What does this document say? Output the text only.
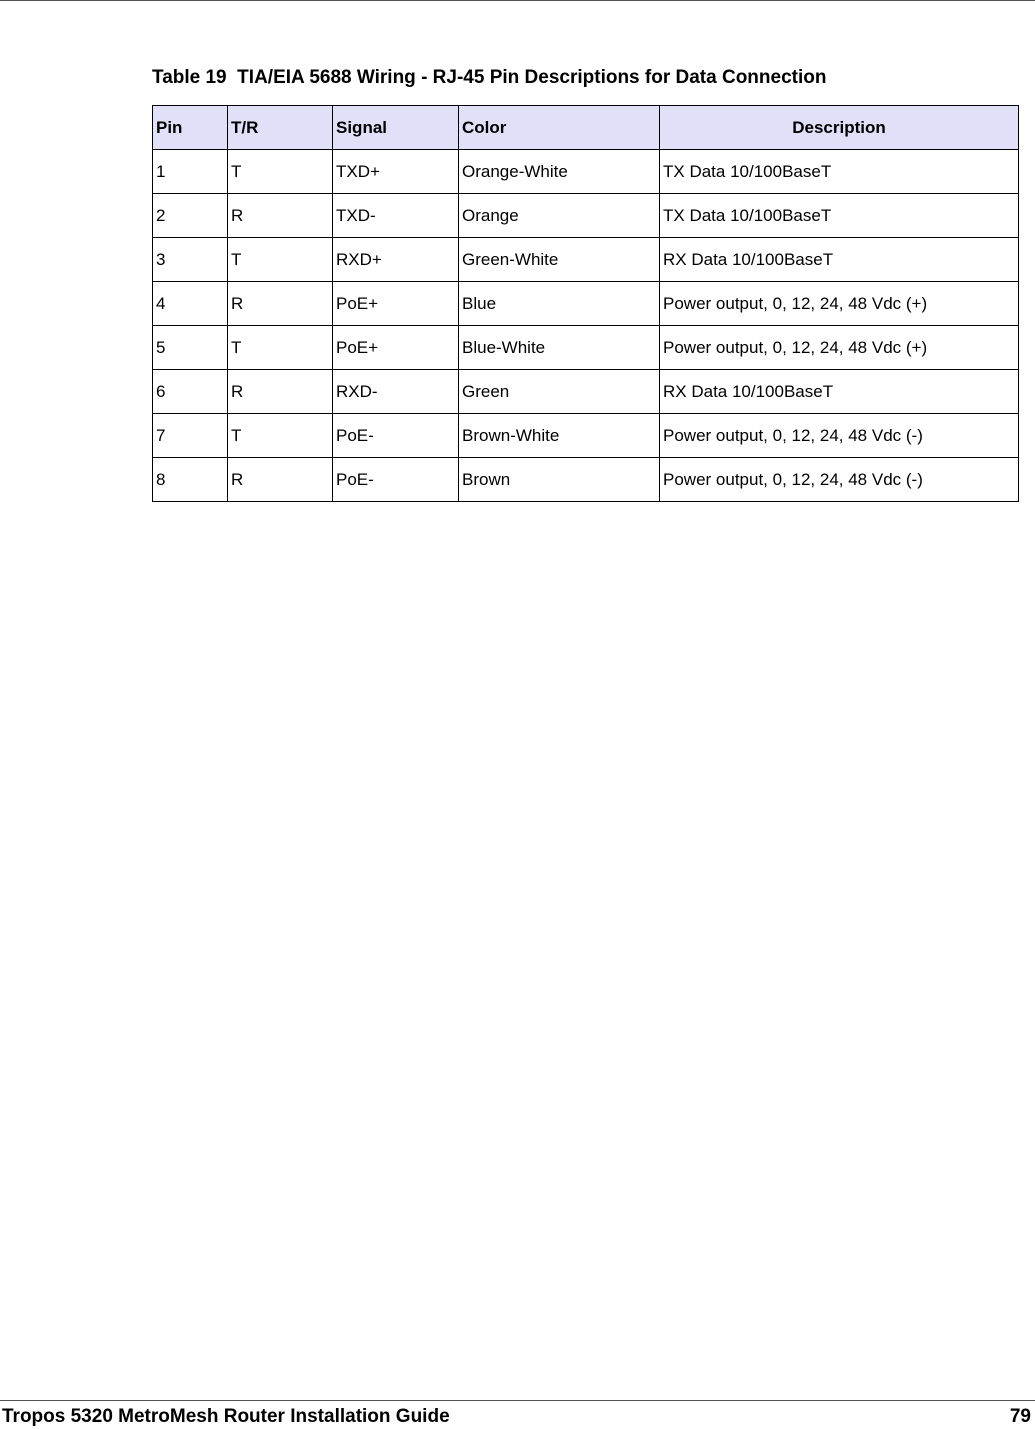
Table 19  TIA/EIA 5688 Wiring - RJ-45 Pin Descriptions for Data Connection
Pin	T/R	Signal	Color	Description
1	T	TXD+	Orange-White	TX Data 10/100BaseT
2	R	TXD-	Orange	TX Data 10/100BaseT
3	T	RXD+	Green-White	RX Data 10/100BaseT
4	R	PoE+	Blue	Power output, 0, 12, 24, 48 Vdc (+)
5	T	PoE+	Blue-White	Power output, 0, 12, 24, 48 Vdc (+)
6	R	RXD-	Green	RX Data 10/100BaseT
7	T	PoE-	Brown-White	Power output, 0, 12, 24, 48 Vdc (-)
8	R	PoE-	Brown	Power output, 0, 12, 24, 48 Vdc (-)
Tropos 5320 MetroMesh Router Installation Guide	79
